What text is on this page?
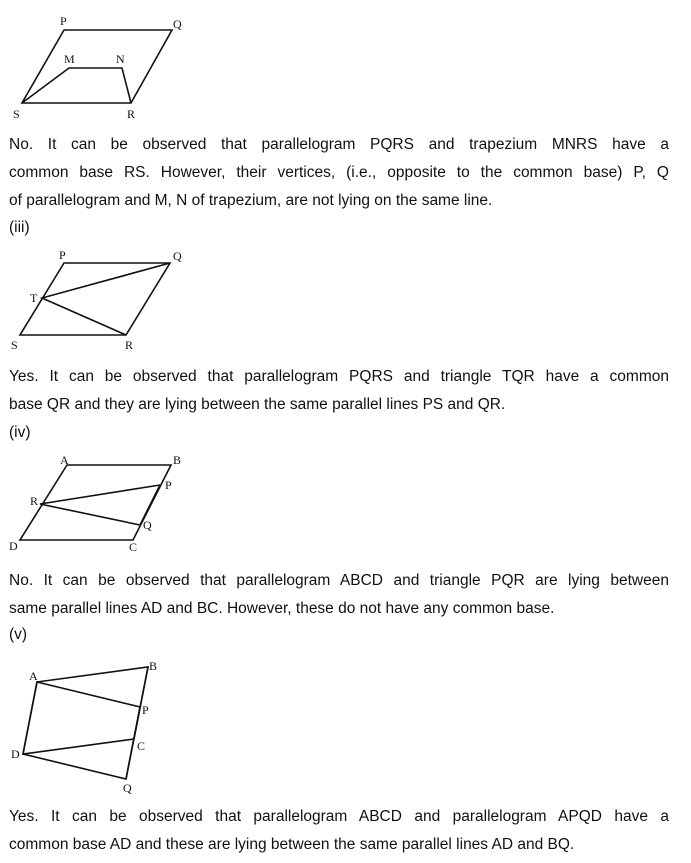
P	Q
M	N
S	R
No. It can be observed that parallelogram PQRS and trapezium MNRS have a
common base RS. However, their vertices, (i.e., opposite to the common base) P, Q
of parallelogram and M, N of trapezium, are not lying on the same line.

(iii)

P	Q
T
S	R
Yes. It can be observed that parallelogram PQRS and triangle TQR have a common
base QR and they are lying between the same parallel lines PS and QR.

(iv)

A	B
P
R
Q
D	C
No. It can be observed that parallelogram ABCD and triangle PQR are lying between
same parallel lines AD and BC. However, these do not have any common base.

(v)

A
B
P
C
D
Q
Yes. It can be observed that parallelogram ABCD and parallelogram APQD have a
common base AD and these are lying between the same parallel lines AD and BQ.
